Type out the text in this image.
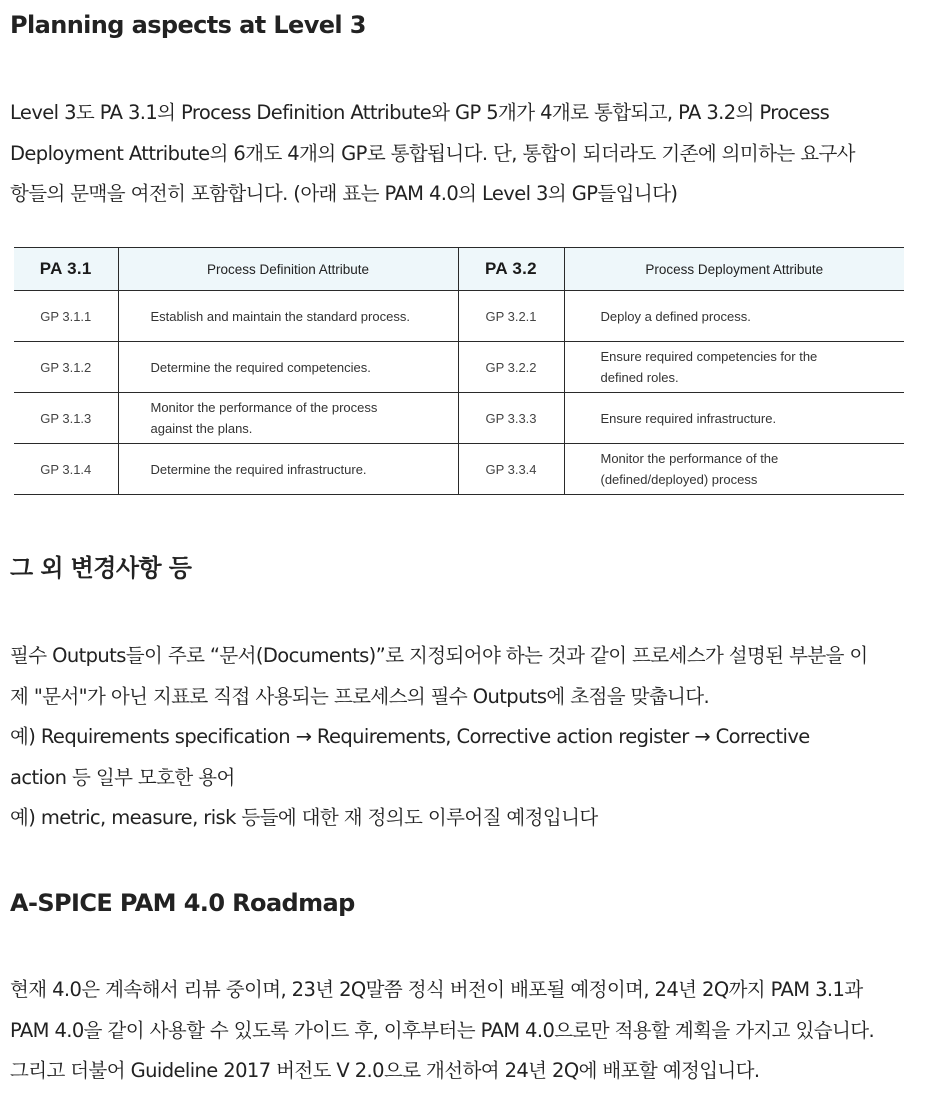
Planning aspects at Level 3

Level 3도 PA 3.1의 Process Definition Attribute와 GP 5개가 4개로 통합되고, PA 3.2의 Process
Deployment Attribute의 6개도 4개의 GP로 통합됩니다. 단, 통합이 되더라도 기존에 의미하는 요구사
항들의 문맥을 여전히 포함합니다. (아래 표는 PAM 4.0의 Level 3의 GP들입니다)

PA 3.1	Process Definition Attribute	PA 3.2	Process Deployment Attribute
GP 3.1.1	Establish and maintain the standard process.	GP 3.2.1	Deploy a defined process.
GP 3.1.2	Determine the required competencies.	GP 3.2.2	Ensure required competencies for the defined roles.

GP 3.1.3	Monitor the performance of the process against the plans.	GP 3.3.3	Ensure required infrastructure.
GP 3.1.4	Determine the required infrastructure.	GP 3.3.4	Monitor the performance of the (defined/deployed) process
그 외 변경사항 등

필수 Outputs들이 주로 “문서(Documents)”로 지정되어야 하는 것과 같이 프로세스가 설명된 부분을 이
제 "문서"가 아닌 지표로 직접 사용되는 프로세스의 필수 Outputs에 초점을 맞춥니다.
예) Requirements specification → Requirements, Corrective action register → Corrective
action 등 일부 모호한 용어
예) metric, measure, risk 등들에 대한 재 정의도 이루어질 예정입니다

A-SPICE PAM 4.0 Roadmap

현재 4.0은 계속해서 리뷰 중이며, 23년 2Q말쯤 정식 버전이 배포될 예정이며, 24년 2Q까지 PAM 3.1과
PAM 4.0을 같이 사용할 수 있도록 가이드 후, 이후부터는 PAM 4.0으로만 적용할 계획을 가지고 있습니다.
그리고 더불어 Guideline 2017 버전도 V 2.0으로 개선하여 24년 2Q에 배포할 예정입니다.
